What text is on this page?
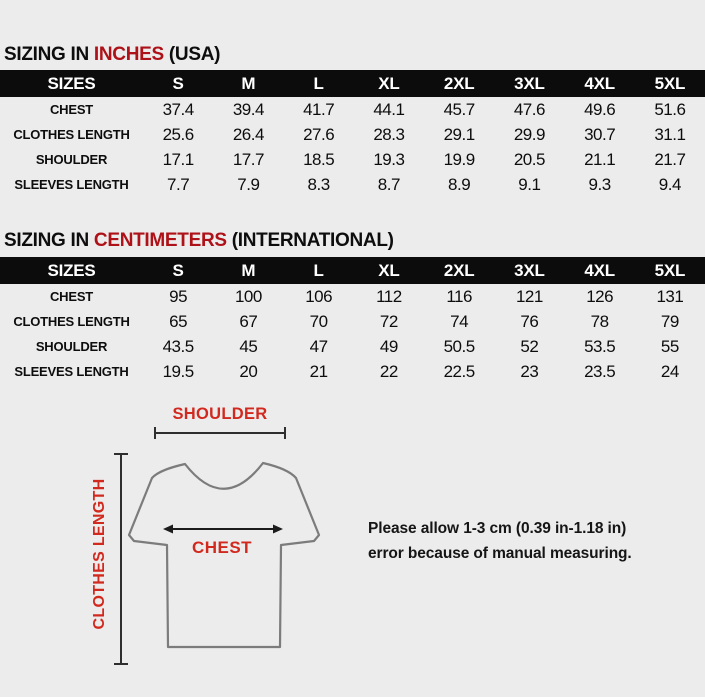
SIZING IN INCHES (USA)
SIZES	S	M	L	XL	2XL	3XL	4XL	5XL
CHEST	37.4	39.4	41.7	44.1	45.7	47.6	49.6	51.6
CLOTHES LENGTH	25.6	26.4	27.6	28.3	29.1	29.9	30.7	31.1
SHOULDER	17.1	17.7	18.5	19.3	19.9	20.5	21.1	21.7
SLEEVES LENGTH	7.7	7.9	8.3	8.7	8.9	9.1	9.3	9.4
SIZING IN CENTIMETERS (INTERNATIONAL)
SIZES	S	M	L	XL	2XL	3XL	4XL	5XL
CHEST	95	100	106	112	116	121	126	131
CLOTHES LENGTH	65	67	70	72	74	76	78	79
SHOULDER	43.5	45	47	49	50.5	52	53.5	55
SLEEVES LENGTH	19.5	20	21	22	22.5	23	23.5	24
SHOULDER
CLOTHES LENGTH	CHEST
Please allow 1-3 cm (0.39 in-1.18 in)
error because of manual measuring.
